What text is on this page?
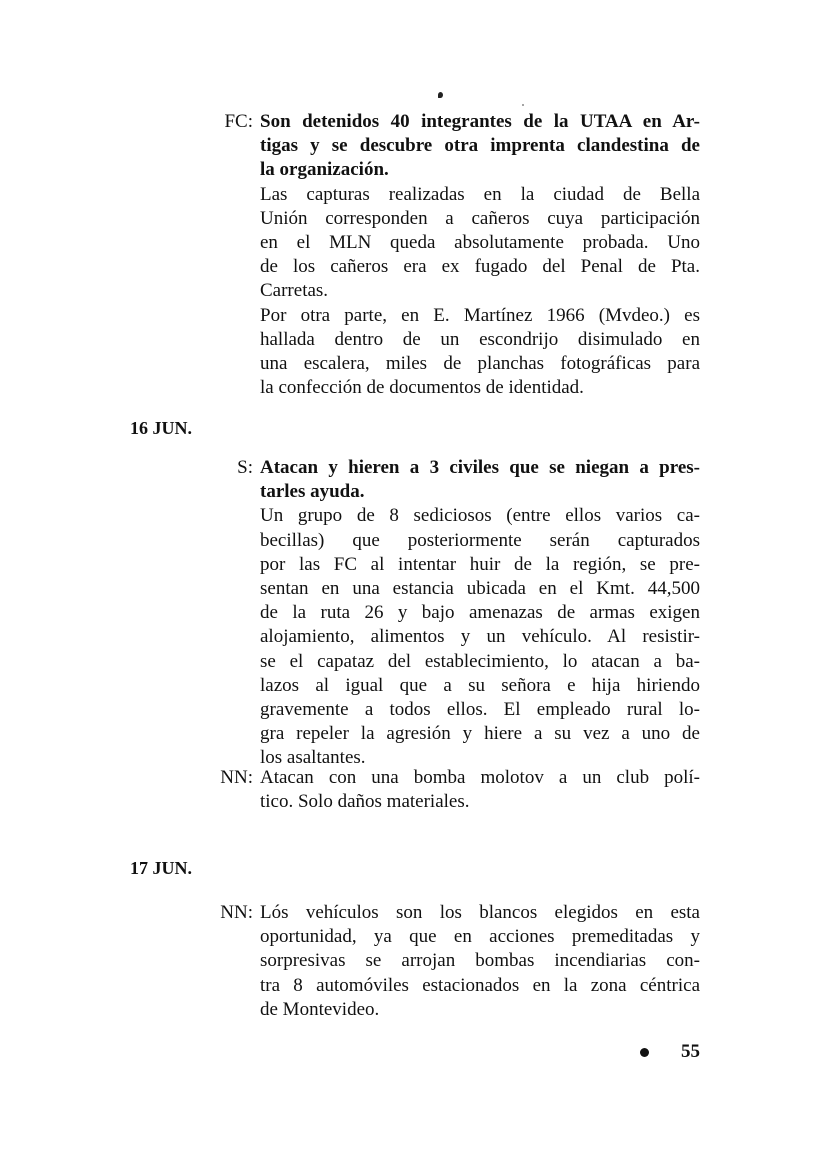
FC: Son detenidos 40 integrantes de la UTAA en Ar-
tigas y se descubre otra imprenta clandestina de
la organización.
Las capturas realizadas en la ciudad de Bella
Unión corresponden a cañeros cuya participación
en el MLN queda absolutamente probada. Uno
de los cañeros era ex fugado del Penal de Pta.
Carretas.
Por otra parte, en E. Martínez 1966 (Mvdeo.) es
hallada dentro de un escondrijo disimulado en
una escalera, miles de planchas fotográficas para
la confección de documentos de identidad.
16 JUN.
S: Atacan y hieren a 3 civiles que se niegan a pres-
tarles ayuda.
Un grupo de 8 sediciosos (entre ellos varios ca-
becillas) que posteriormente serán capturados
por las FC al intentar huir de la región, se pre-
sentan en una estancia ubicada en el Kmt. 44,500
de la ruta 26 y bajo amenazas de armas exigen
alojamiento, alimentos y un vehículo. Al resistir-
se el capataz del establecimiento, lo atacan a ba-
lazos al igual que a su señora e hija hiriendo
gravemente a todos ellos. El empleado rural lo-
gra repeler la agresión y hiere a su vez a uno de
los asaltantes.
NN: Atacan con una bomba molotov a un club polí-
tico. Solo daños materiales.
17 JUN.
NN: Lós vehículos son los blancos elegidos en esta
oportunidad, ya que en acciones premeditadas y
sorpresivas se arrojan bombas incendiarias con-
tra 8 automóviles estacionados en la zona céntrica
de Montevideo.
55
